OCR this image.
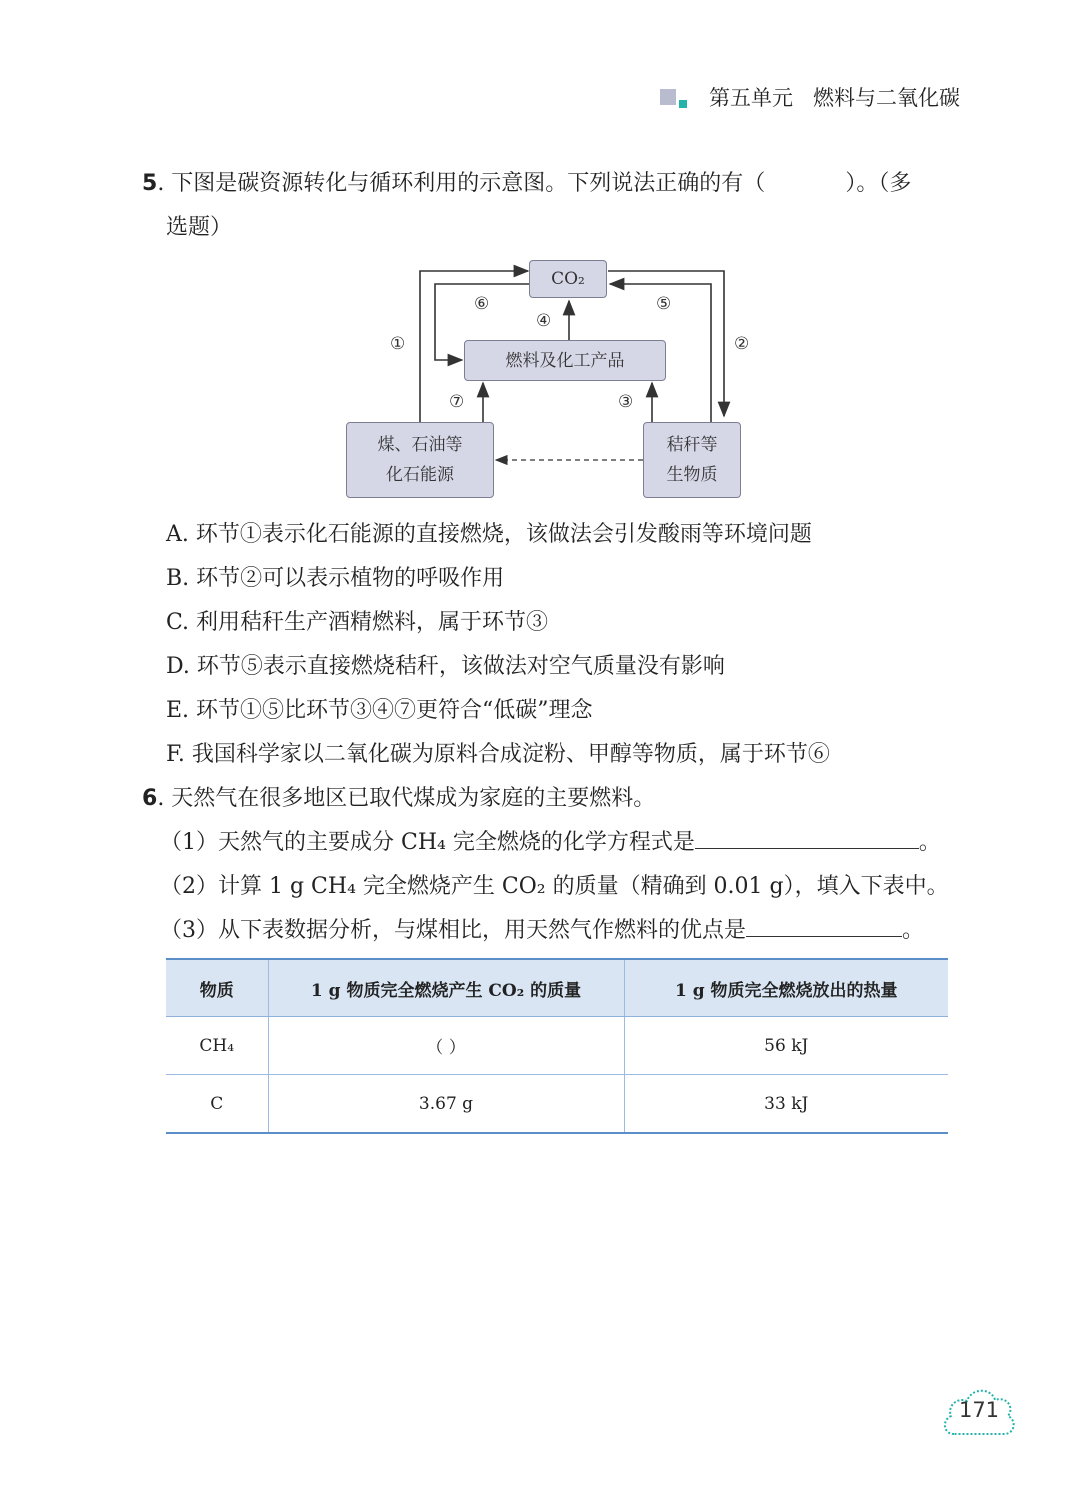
第五单元 燃料与二氧化碳
5. 下图是碳资源转化与循环利用的示意图。下列说法正确的有（	）。（多
选题）
CO₂
燃料及化工产品
煤、石油等
化石能源
秸秆等
生物质
①	②
③
④
⑤
⑥
⑦
A. 环节①表示化石能源的直接燃烧，该做法会引发酸雨等环境问题
B. 环节②可以表示植物的呼吸作用
C. 利用秸秆生产酒精燃料，属于环节③
D. 环节⑤表示直接燃烧秸秆，该做法对空气质量没有影响
E. 环节①⑤比环节③④⑦更符合“低碳”理念
F. 我国科学家以二氧化碳为原料合成淀粉、甲醇等物质，属于环节⑥
6. 天然气在很多地区已取代煤成为家庭的主要燃料。
（1）天然气的主要成分 CH₄ 完全燃烧的化学方程式是	。
（2）计算 1 g CH₄ 完全燃烧产生 CO₂ 的质量（精确到 0.01 g），填入下表中。
（3）从下表数据分析，与煤相比，用天然气作燃料的优点是	。
物质	1 g 物质完全燃烧产生 CO₂ 的质量	1 g 物质完全燃烧放出的热量
CH₄	（ ）	56 kJ
C	3.67 g	33 kJ
171
